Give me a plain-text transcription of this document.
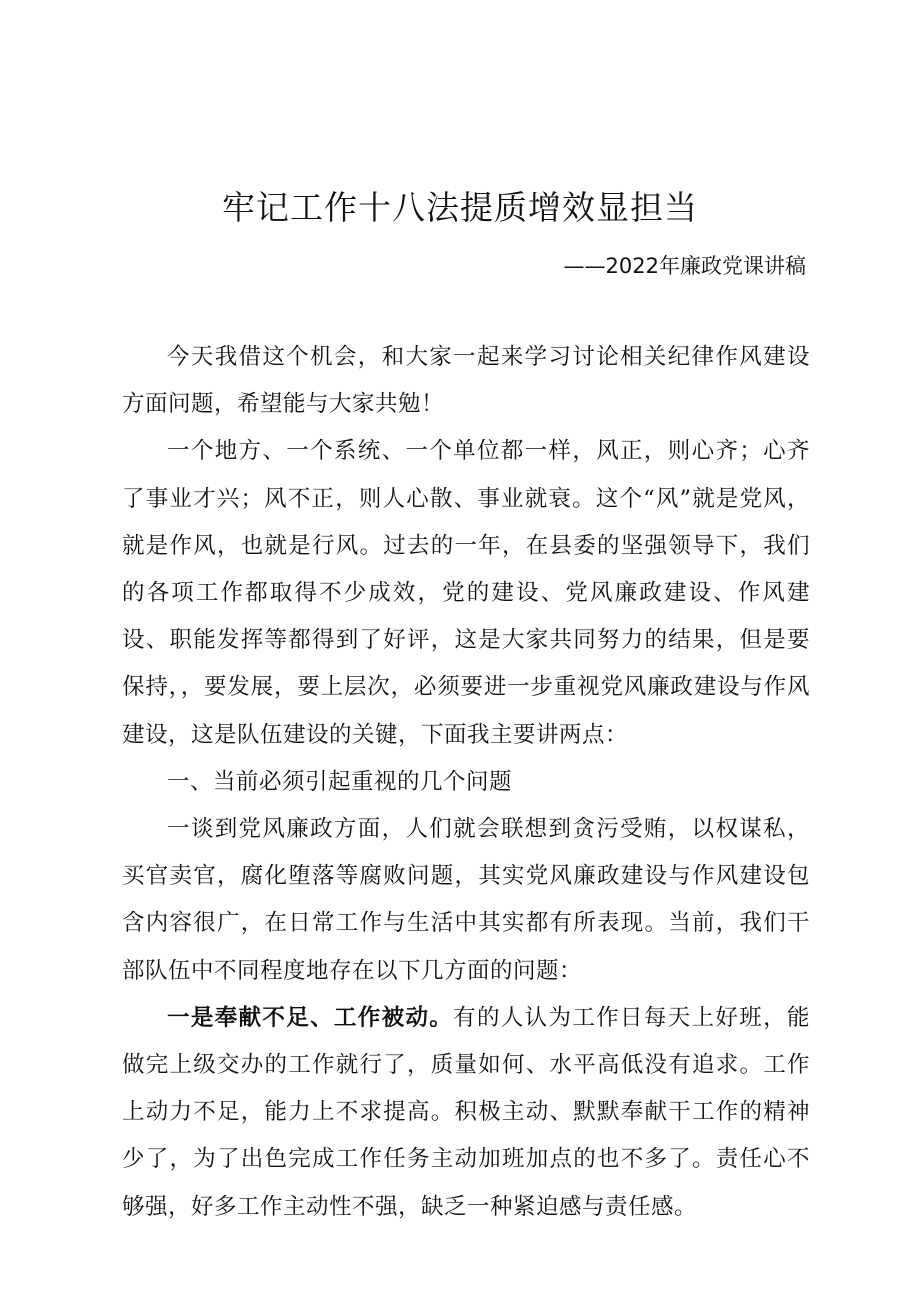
牢记工作十八法提质增效显担当
——2022年廉政党课讲稿

今天我借这个机会，和大家一起来学习讨论相关纪律作风建设方面问题，希望能与大家共勉！

一个地方、一个系统、一个单位都一样，风正，则心齐；心齐了事业才兴；风不正，则人心散、事业就衰。这个“风”就是党风，就是作风，也就是行风。过去的一年，在县委的坚强领导下，我们的各项工作都取得不少成效，党的建设、党风廉政建设、作风建设、职能发挥等都得到了好评，这是大家共同努力的结果，但是要保持，，要发展，要上层次，必须要进一步重视党风廉政建设与作风建设，这是队伍建设的关键，下面我主要讲两点：

一、当前必须引起重视的几个问题

一谈到党风廉政方面，人们就会联想到贪污受贿，以权谋私，买官卖官，腐化堕落等腐败问题，其实党风廉政建设与作风建设包含内容很广，在日常工作与生活中其实都有所表现。当前，我们干部队伍中不同程度地存在以下几方面的问题：

一是奉献不足、工作被动。有的人认为工作日每天上好班，能做完上级交办的工作就行了，质量如何、水平高低没有追求。工作上动力不足，能力上不求提高。积极主动、默默奉献干工作的精神少了，为了出色完成工作任务主动加班加点的也不多了。责任心不够强，好多工作主动性不强，缺乏一种紧迫感与责任感。
